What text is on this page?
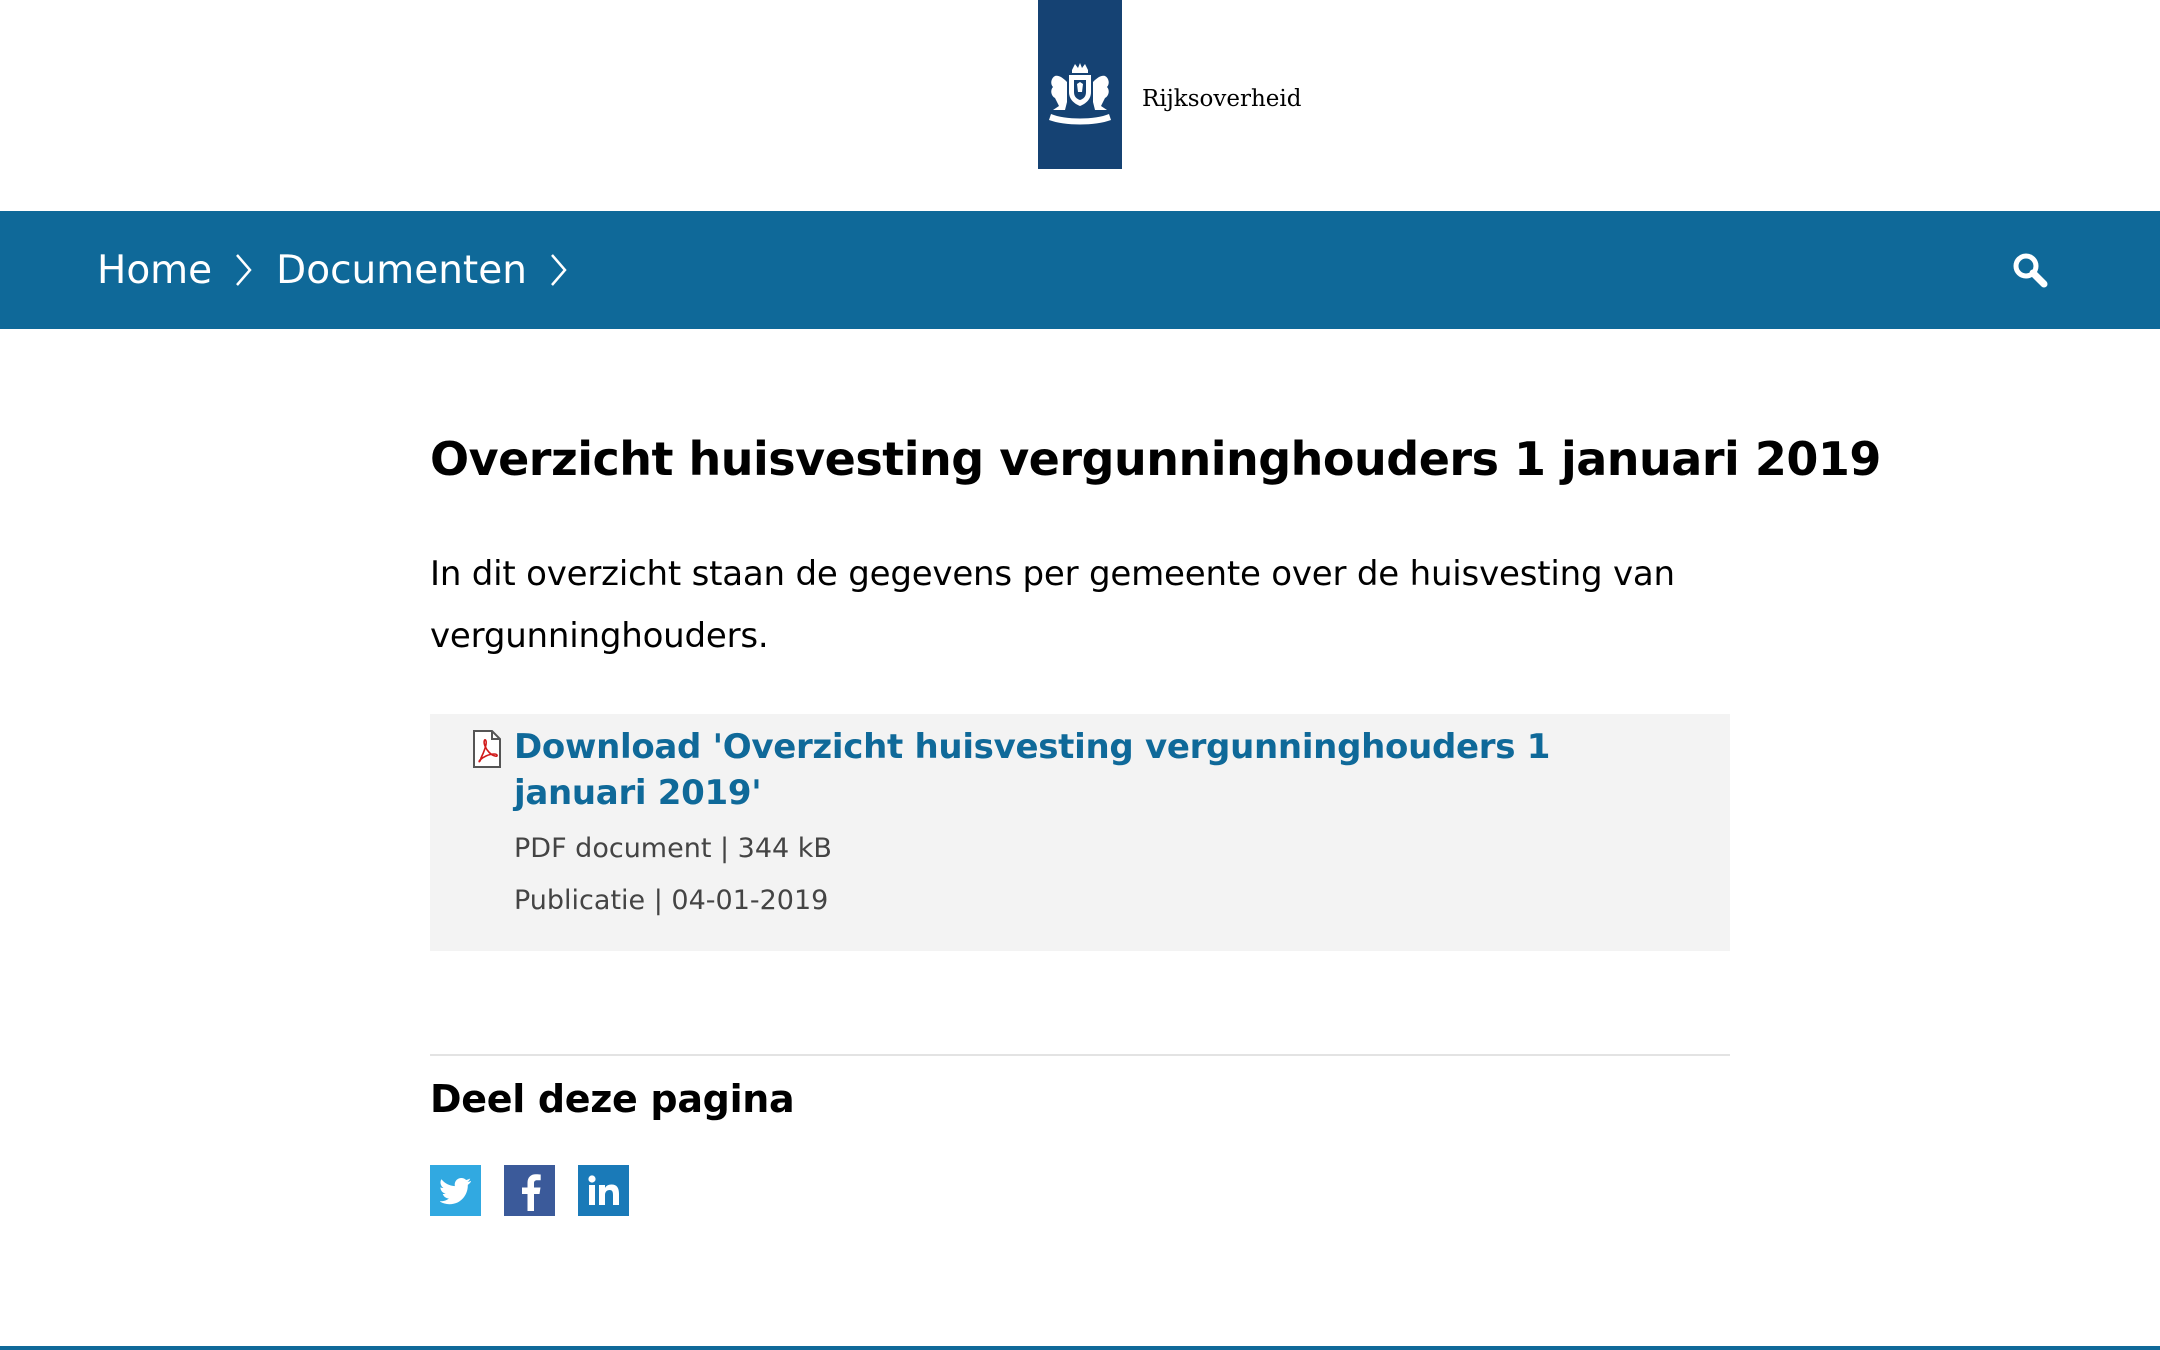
Rijksoverheid
Home Documenten
Overzicht huisvesting vergunninghouders 1 januari 2019

In dit overzicht staan de gegevens per gemeente over de huisvesting van vergunninghouders.

Download 'Overzicht huisvesting vergunninghouders 1 januari 2019'
PDF document | 344 kB
Publicatie | 04-01-2019
Deel deze pagina
